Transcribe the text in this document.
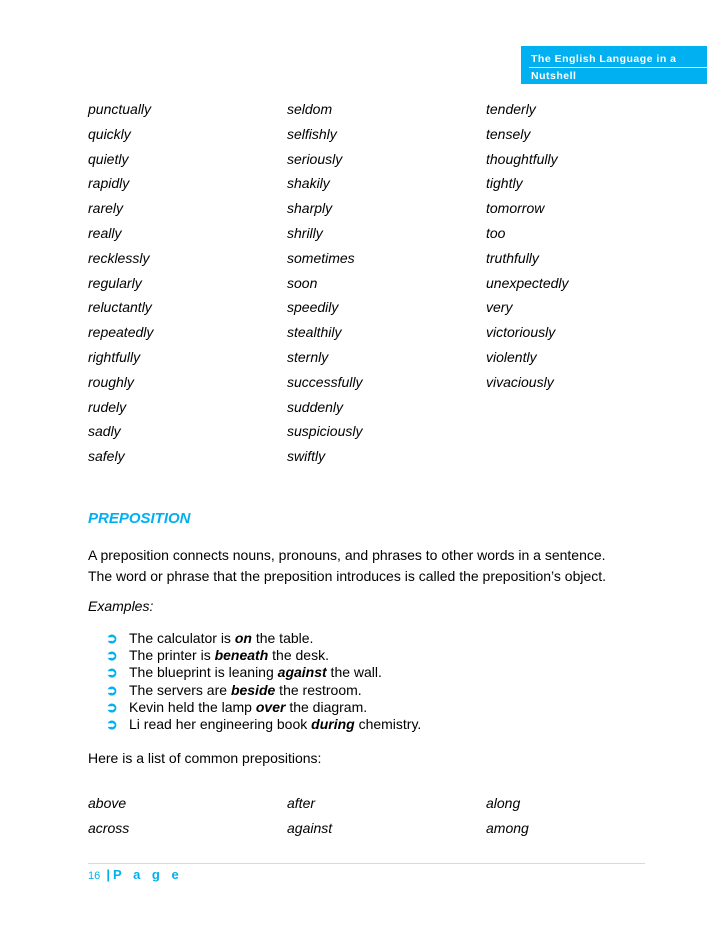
The English Language in a
Nutshell
punctually	seldom	tenderly
quickly	selfishly	tensely
quietly	seriously	thoughtfully
rapidly	shakily	tightly
rarely	sharply	tomorrow
really	shrilly	too
recklessly	sometimes	truthfully
regularly	soon	unexpectedly
reluctantly	speedily	very
repeatedly	stealthily	victoriously
rightfully	sternly	violently
roughly	successfully	vivaciously
rudely	suddenly
sadly	suspiciously
safely	swiftly
PREPOSITION
A preposition connects nouns, pronouns, and phrases to other words in a sentence.
The word or phrase that the preposition introduces is called the preposition’s object.
Examples:
➲ The calculator is on the table.
➲ The printer is beneath the desk.
➲ The blueprint is leaning against the wall.
➲ The servers are beside the restroom.
➲ Kevin held the lamp over the diagram.
➲ Li read her engineering book during chemistry.
Here is a list of common prepositions:
above	after	along
across	against	among
16 | P a g e
